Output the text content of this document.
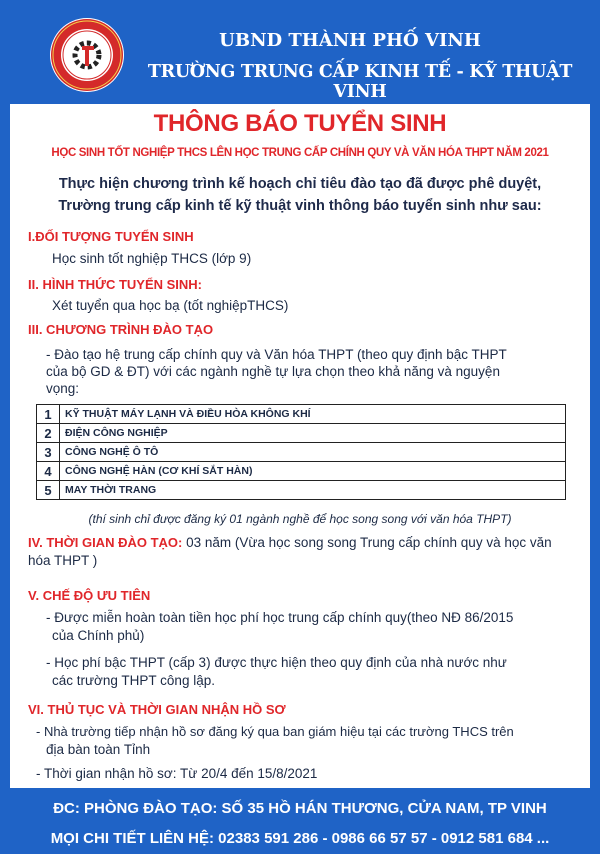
UBND THÀNH PHỐ VINH
TRƯỜNG TRUNG CẤP KINH TẾ - KỸ THUẬT VINH
THÔNG BÁO TUYỂN SINH
HỌC SINH TỐT NGHIỆP THCS LÊN HỌC TRUNG CẤP CHÍNH QUY VÀ VĂN HÓA THPT NĂM 2021
Thực hiện chương trình kế hoạch chỉ tiêu đào tạo đã được phê duyệt,
Trường trung cấp kinh tế kỹ thuật vinh thông báo tuyển sinh như sau:
I.ĐỐI TƯỢNG TUYỂN SINH
Học sinh tốt nghiệp THCS (lớp 9)
II. HÌNH THỨC TUYỂN SINH:
Xét tuyển qua học bạ (tốt nghiệpTHCS)
III. CHƯƠNG TRÌNH ĐÀO TẠO
- Đào tạo hệ trung cấp chính quy và Văn hóa THPT (theo quy định bậc THPT
của bộ GD & ĐT) với các ngành nghề tự lựa chọn theo khả năng và nguyện
vọng:
1	KỸ THUẬT MÁY LẠNH VÀ ĐIỀU HÒA KHÔNG KHÍ
2	ĐIỆN CÔNG NGHIỆP
3	CÔNG NGHỆ Ô TÔ
4	CÔNG NGHỆ HÀN (CƠ KHÍ SẮT HÀN)
5	MAY THỜI TRANG
(thí sinh chỉ được đăng ký 01 ngành nghề để học song song với văn hóa THPT)
IV. THỜI GIAN ĐÀO TẠO: 03 năm (Vừa học song song Trung cấp chính quy và học văn
hóa THPT )
V. CHẾ ĐỘ ƯU TIÊN
- Được miễn hoàn toàn tiền học phí học trung cấp chính quy(theo NĐ 86/2015
của Chính phủ)
- Học phí bậc THPT (cấp 3) được thực hiện theo quy định của nhà nước như
các trường THPT công lập.
VI. THỦ TỤC VÀ THỜI GIAN NHẬN HỒ SƠ
- Nhà trường tiếp nhận hồ sơ đăng ký qua ban giám hiệu tại các trường THCS trên
địa bàn toàn Tỉnh
- Thời gian nhận hồ sơ: Từ 20/4 đến 15/8/2021
ĐC: PHÒNG ĐÀO TẠO: SỐ 35 HỒ HÁN THƯƠNG, CỬA NAM, TP VINH
MỌI CHI TIẾT LIÊN HỆ: 02383 591 286 - 0986 66 57 57 - 0912 581 684 ...
